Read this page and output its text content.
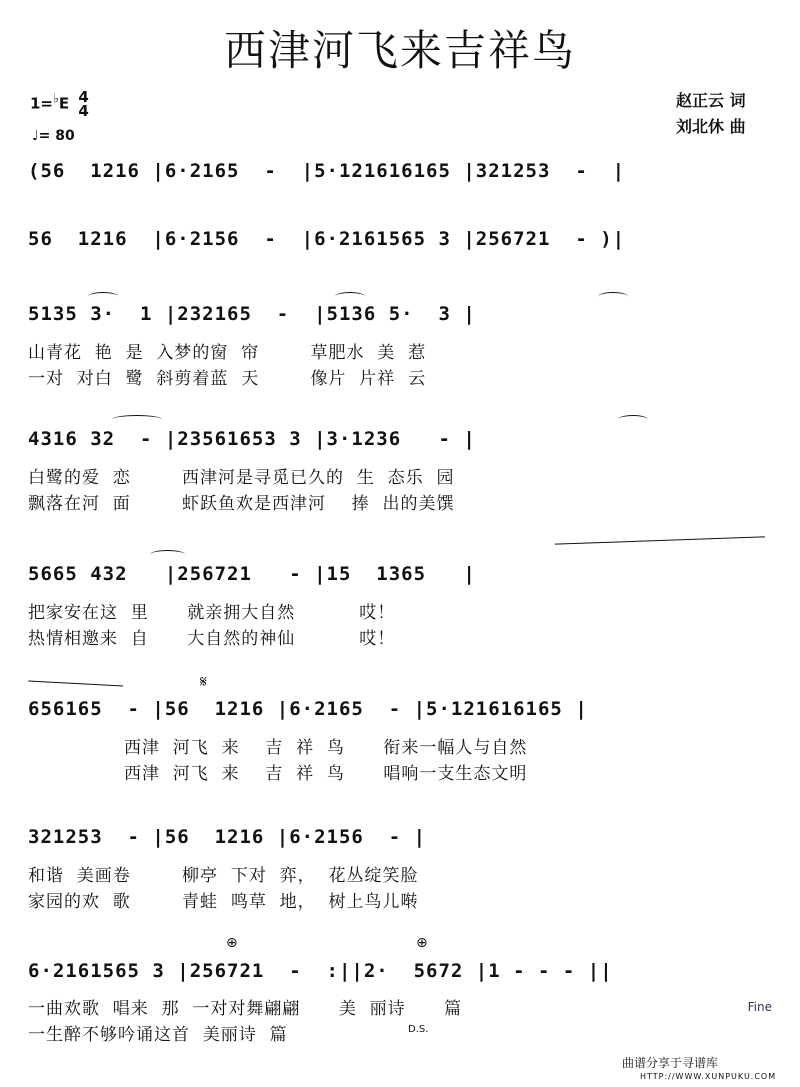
西津河飞来吉祥鸟
1=♭E 4
4
♩= 80
赵正云 词
刘北休 曲
(56  1216 |6·2165  -  |5·121616165 |321253  -  |
56  1216  |6·2156  -  |6·2161565 3 |256721  - )|
5135 3·  1 |232165  -  |5136 5·  3 |
4316 32  - |23561653 3 |3·1236   - |
5665 432   |256721   - |15  1365   |
656165  - |56  1216 |6·2165  - |5·121616165 |
321253  - |56  1216 |6·2156  - |
6·2161565 3 |256721  -  :||2·  5672 |1 - - - ||
山青花  艳  是  入梦的窗  帘        草肥水  美  惹
一对  对白  鹭  斜剪着蓝  天        像片  片祥  云
白鹭的爱  恋        西津河是寻觅已久的  生  态乐  园
飘落在河  面        虾跃鱼欢是西津河    捧  出的美馔
把家安在这  里      就亲拥大自然          哎！
热情相邀来  自      大自然的神仙          哎！
西津  河飞  来    吉  祥  鸟      衔来一幅人与自然
西津  河飞  来    吉  祥  鸟      唱响一支生态文明
和谐  美画卷        柳亭  下对  弈，  花丛绽笑脸
家园的欢  歌        青蛙  鸣草  地，  树上鸟儿啭
一曲欢歌  唱来  那  一对对舞翩翩      美  丽诗      篇
一生醉不够吟诵这首  美丽诗  篇
𝄋
⊕	⊕
Fine
D.S.
曲谱分享于寻谱库
HTTP://WWW.XUNPUKU.COM
